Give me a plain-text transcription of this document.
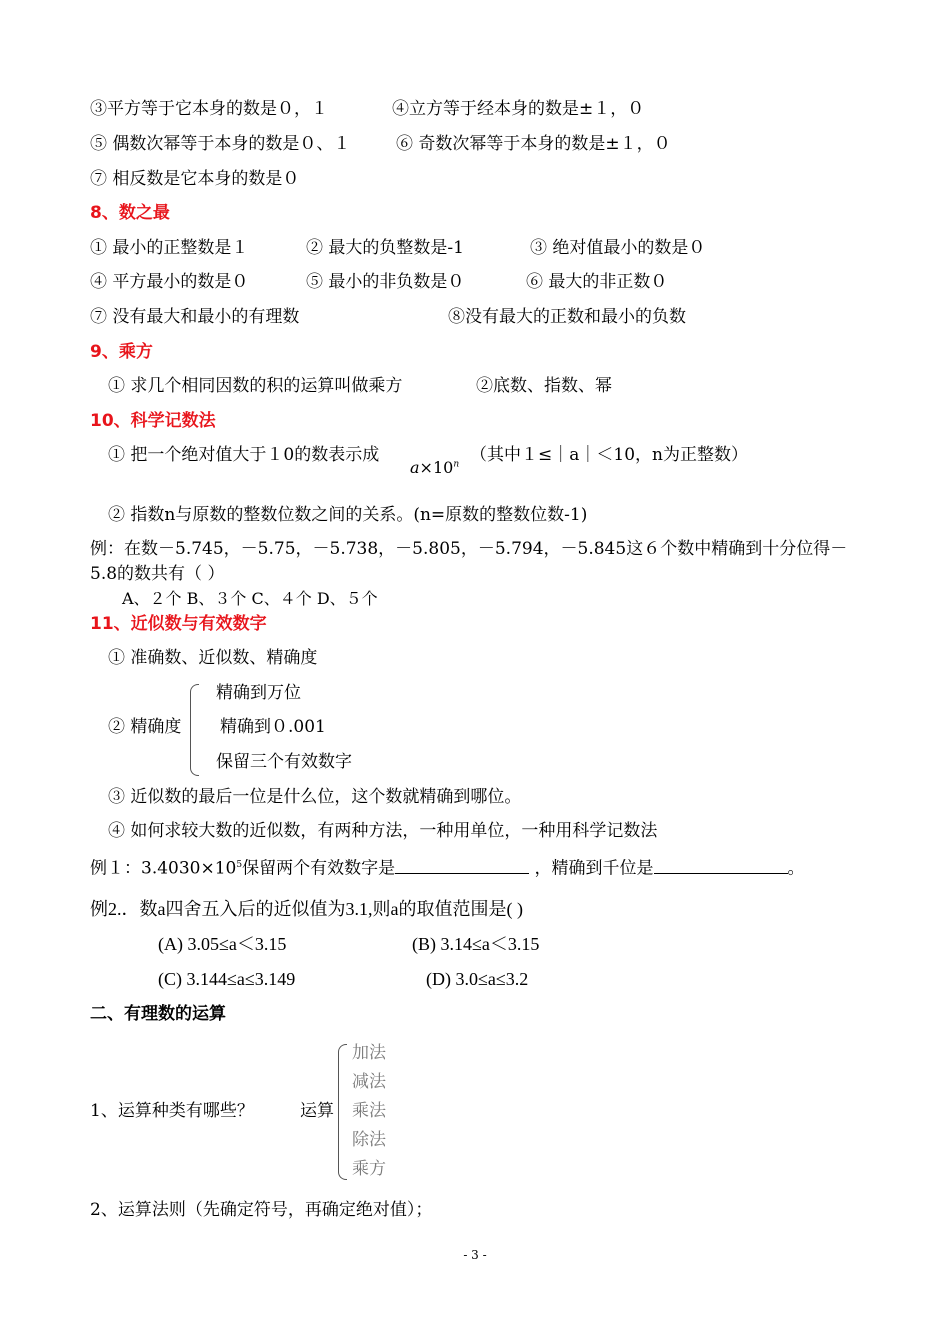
③平方等于它本身的数是０，１	④立方等于经本身的数是±１，０
⑤ 偶数次幂等于本身的数是０、１	⑥ 奇数次幂等于本身的数是±１，０
⑦ 相反数是它本身的数是０
8、数之最
① 最小的正整数是１	② 最大的负整数是-1	③ 绝对值最小的数是０
④ 平方最小的数是０	⑤ 最小的非负数是０	⑥ 最大的非正数０
⑦ 没有最大和最小的有理数	⑧没有最大的正数和最小的负数
9、乘方
① 求几个相同因数的积的运算叫做乘方	②底数、指数、幂
10、科学记数法
① 把一个绝对值大于１0的数表示成
$a\times 10^n$ （其中１≤｜a｜＜10，n为正整数）
② 指数n与原数的整数位数之间的关系。(n=原数的整数位数-1)
例：在数－5.745，－5.75，－5.738，－5.805，－5.794，－5.845这６个数中精确到十分位得－
5.8的数共有（ ）
A、２个 B、３个 C、４个 D、５个
11、近似数与有效数字
① 准确数、近似数、精确度
② 精确度
精确到万位
精确到０.001
保留三个有效数字
③ 近似数的最后一位是什么位，这个数就精确到哪位。
④ 如何求较大数的近似数，有两种方法，一种用单位，一种用科学记数法
例１：$3.4030\times 10^5$保留两个有效数字是	，精确到千位是	。
例2.．数a四舍五入后的近似值为3.1,则a的取值范围是( )
(A) 3.05≤a＜3.15	(B) 3.14≤a＜3.15
(C) 3.144≤a≤3.149	(D) 3.0≤a≤3.2
二、有理数的运算
1、运算种类有哪些？	运算
加法
减法
乘法
除法
乘方
2、运算法则（先确定符号，再确定绝对值）；
- 3 -
